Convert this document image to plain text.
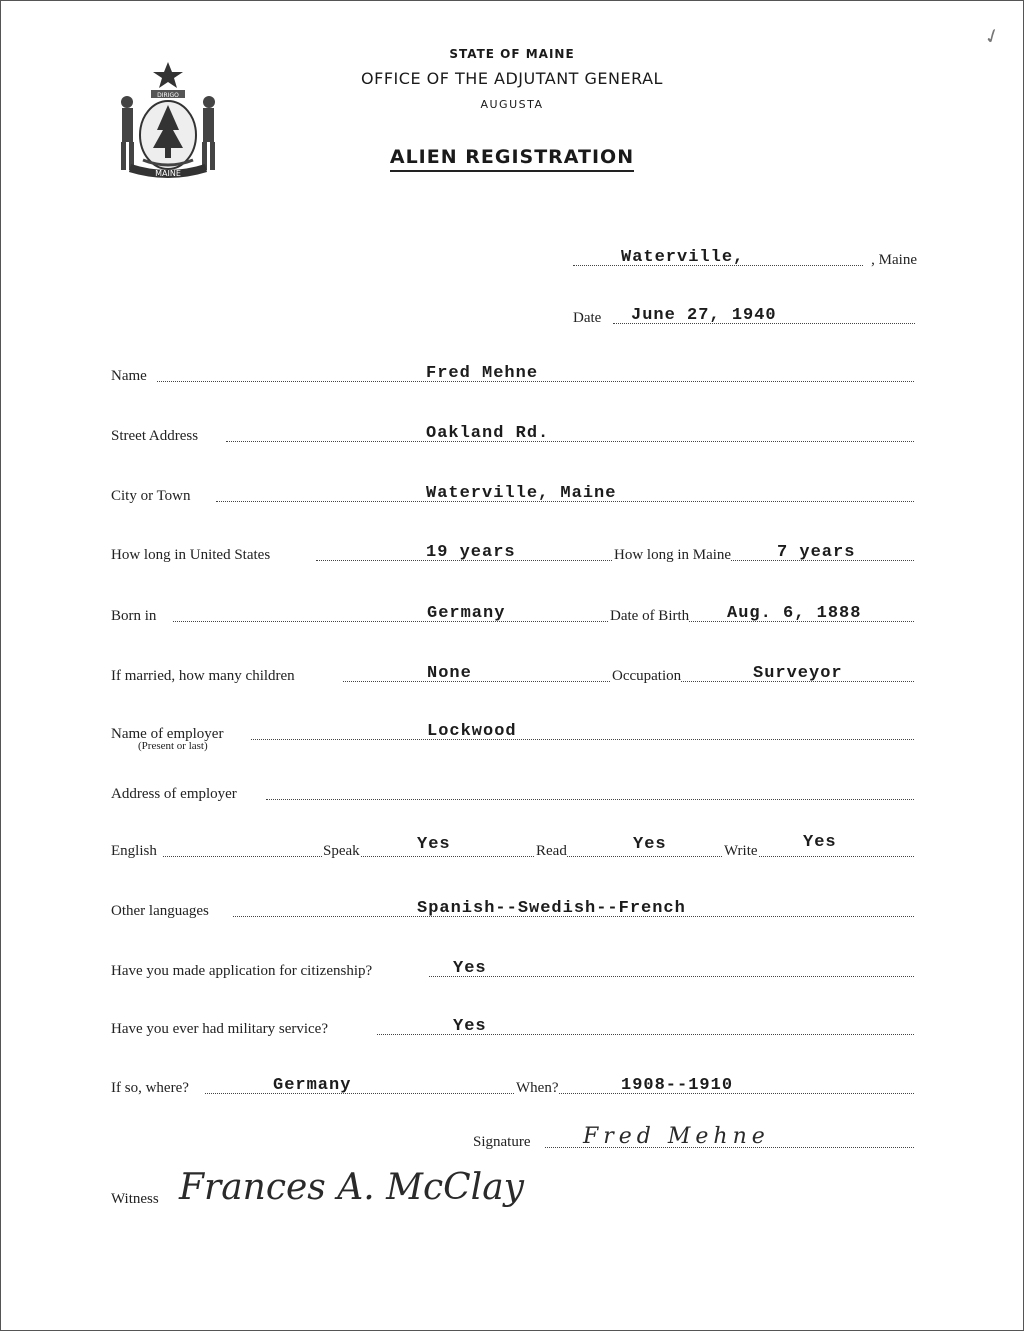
✓
DIRIGO
MAINE
STATE OF MAINE
OFFICE OF THE ADJUTANT GENERAL
AUGUSTA
ALIEN REGISTRATION
Waterville,	, Maine
Date June 27, 1940
Name	Fred Mehne
Street Address	Oakland Rd.
City or Town	Waterville, Maine
How long in United States	19 years	How long in Maine	7 years
Born in	Germany	Date of Birth Aug. 6, 1888
If married, how many children	None	Occupation	Surveyor
Name of employer	Lockwood
(Present or last)
Address of employer
English	Speak	Yes	Read	Yes	Write	Yes
Other languages	Spanish--Swedish--French
Have you made application for citizenship?	Yes
Have you ever had military service?	Yes
If so, where?	Germany	When?	1908--1910
Signature Fred Mehne
Witness Frances A. McClay
